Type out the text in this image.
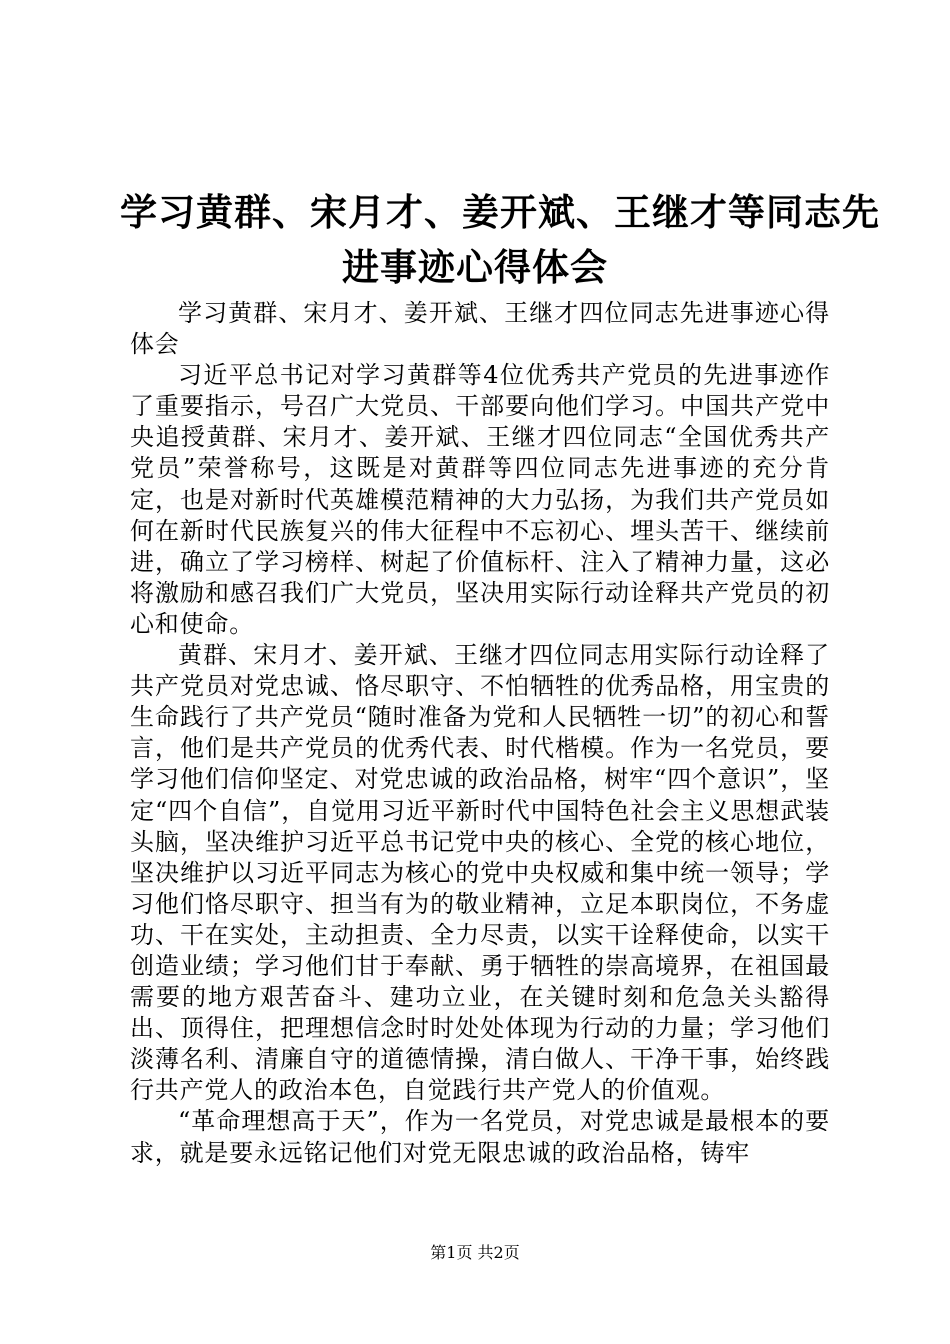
学习黄群、宋月才、姜开斌、王继才等同志先
进事迹心得体会

学习黄群、宋月才、姜开斌、王继才四位同志先进事迹心得体会

习近平总书记对学习黄群等4位优秀共产党员的先进事迹作了重要指示，号召广大党员、干部要向他们学习。中国共产党中央追授黄群、宋月才、姜开斌、王继才四位同志“全国优秀共产党员”荣誉称号，这既是对黄群等四位同志先进事迹的充分肯定，也是对新时代英雄模范精神的大力弘扬，为我们共产党员如何在新时代民族复兴的伟大征程中不忘初心、埋头苦干、继续前进，确立了学习榜样、树起了价值标杆、注入了精神力量，这必将激励和感召我们广大党员，坚决用实际行动诠释共产党员的初心和使命。

黄群、宋月才、姜开斌、王继才四位同志用实际行动诠释了共产党员对党忠诚、恪尽职守、不怕牺牲的优秀品格，用宝贵的生命践行了共产党员“随时准备为党和人民牺牲一切”的初心和誓言，他们是共产党员的优秀代表、时代楷模。作为一名党员，要学习他们信仰坚定、对党忠诚的政治品格，树牢“四个意识”，坚定“四个自信”，自觉用习近平新时代中国特色社会主义思想武装头脑，坚决维护习近平总书记党中央的核心、全党的核心地位，坚决维护以习近平同志为核心的党中央权威和集中统一领导；学习他们恪尽职守、担当有为的敬业精神，立足本职岗位，不务虚功、干在实处，主动担责、全力尽责，以实干诠释使命，以实干创造业绩；学习他们甘于奉献、勇于牺牲的崇高境界，在祖国最需要的地方艰苦奋斗、建功立业，在关键时刻和危急关头豁得出、顶得住，把理想信念时时处处体现为行动的力量；学习他们淡薄名利、清廉自守的道德情操，清白做人、干净干事，始终践行共产党人的政治本色，自觉践行共产党人的价值观。

“革命理想高于天”，作为一名党员，对党忠诚是最根本的要求，就是要永远铭记他们对党无限忠诚的政治品格，铸牢

第1页 共2页
